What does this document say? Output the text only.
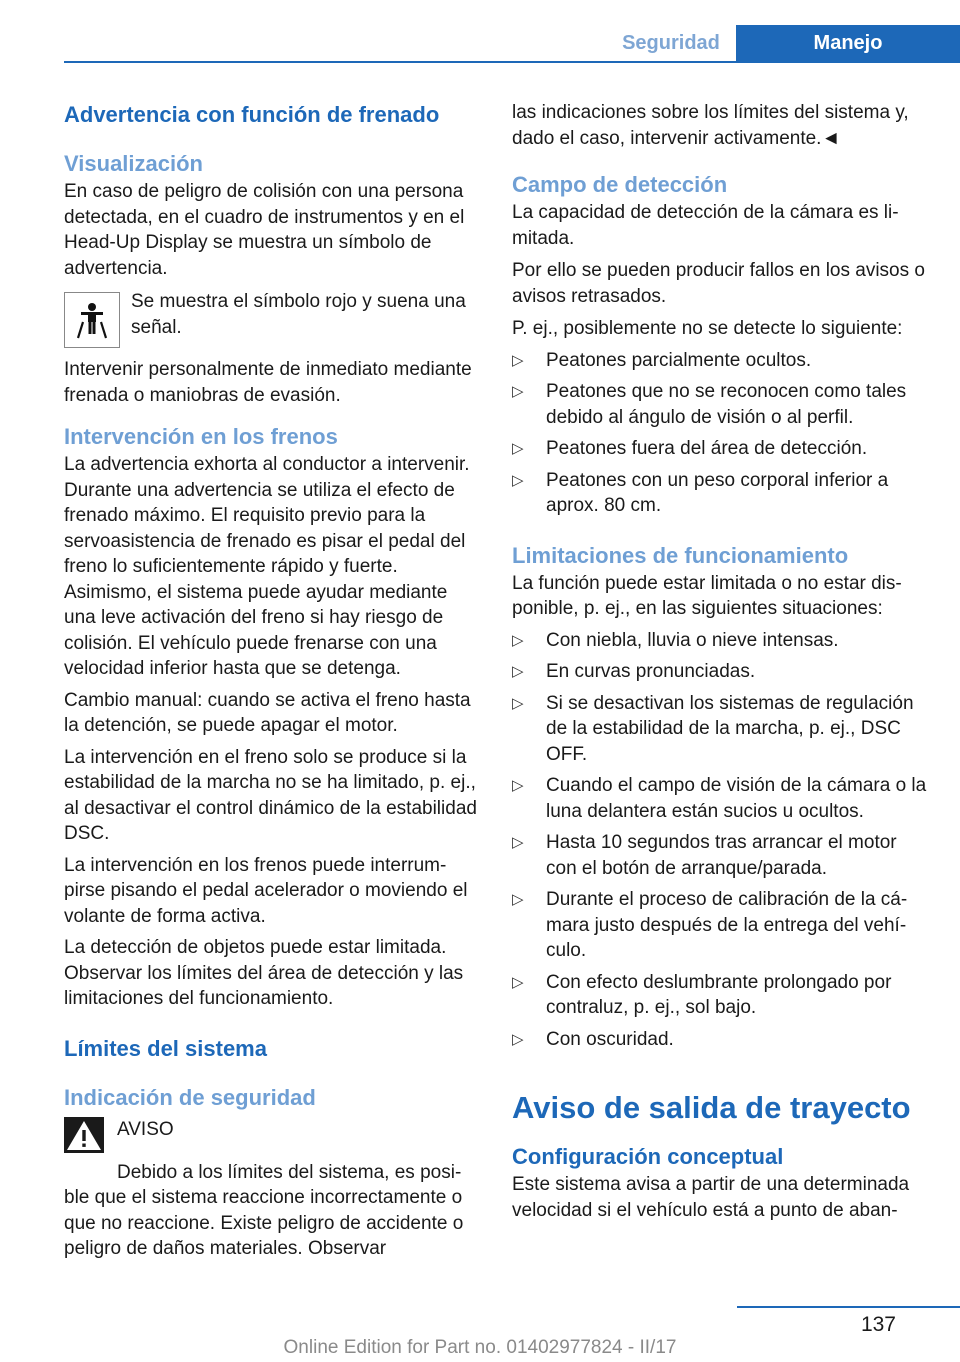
Seguridad	Manejo
Advertencia con función de frenado
Visualización

En caso de peligro de colisión con una persona detectada, en el cuadro de instrumentos y en el Head-Up Display se muestra un símbolo de advertencia.

Se muestra el símbolo rojo y suena una señal.

Intervenir personalmente de inmediato mediante frenada o maniobras de evasión.

Intervención en los frenos

La advertencia exhorta al conductor a intervenir. Durante una advertencia se utiliza el efecto de frenado máximo. El requisito previo para la servoasistencia de frenado es pisar el pedal del freno lo suficientemente rápido y fuerte. Asimismo, el sistema puede ayudar mediante una leve activación del freno si hay riesgo de colisión. El vehículo puede frenarse con una velocidad inferior hasta que se detenga.

Cambio manual: cuando se activa el freno hasta la detención, se puede apagar el motor.

La intervención en el freno solo se produce si la estabilidad de la marcha no se ha limitado, p. ej., al desactivar el control dinámico de la estabilidad DSC.

La intervención en los frenos puede interrumpirse pisando el pedal acelerador o moviendo el volante de forma activa.

La detección de objetos puede estar limitada. Observar los límites del área de detección y las limitaciones del funcionamiento.

Límites del sistema
Indicación de seguridad

AVISO

Debido a los límites del sistema, es posible que el sistema reaccione incorrectamente o que no reaccione. Existe peligro de accidente o peligro de daños materiales. Observar

las indicaciones sobre los límites del sistema y, dado el caso, intervenir activamente.◄

Campo de detección

La capacidad de detección de la cámara es limitada.

Por ello se pueden producir fallos en los avisos o avisos retrasados.

P. ej., posiblemente no se detecte lo siguiente:

▷ Peatones parcialmente ocultos.
▷ Peatones que no se reconocen como tales debido al ángulo de visión o al perfil.
▷ Peatones fuera del área de detección.
▷ Peatones con un peso corporal inferior a aprox. 80 cm.
Limitaciones de funcionamiento

La función puede estar limitada o no estar disponible, p. ej., en las siguientes situaciones:

▷ Con niebla, lluvia o nieve intensas.
▷ En curvas pronunciadas.
▷ Si se desactivan los sistemas de regulación de la estabilidad de la marcha, p. ej., DSC OFF.
▷ Cuando el campo de visión de la cámara o la luna delantera están sucios u ocultos.
▷ Hasta 10 segundos tras arrancar el motor con el botón de arranque/parada.
▷ Durante el proceso de calibración de la cámara justo después de la entrega del vehículo.
▷ Con efecto deslumbrante prolongado por contraluz, p. ej., sol bajo.
▷ Con oscuridad.
Aviso de salida de trayecto
Configuración conceptual

Este sistema avisa a partir de una determinada velocidad si el vehículo está a punto de aban-

137
Online Edition for Part no. 01402977824 - II/17
